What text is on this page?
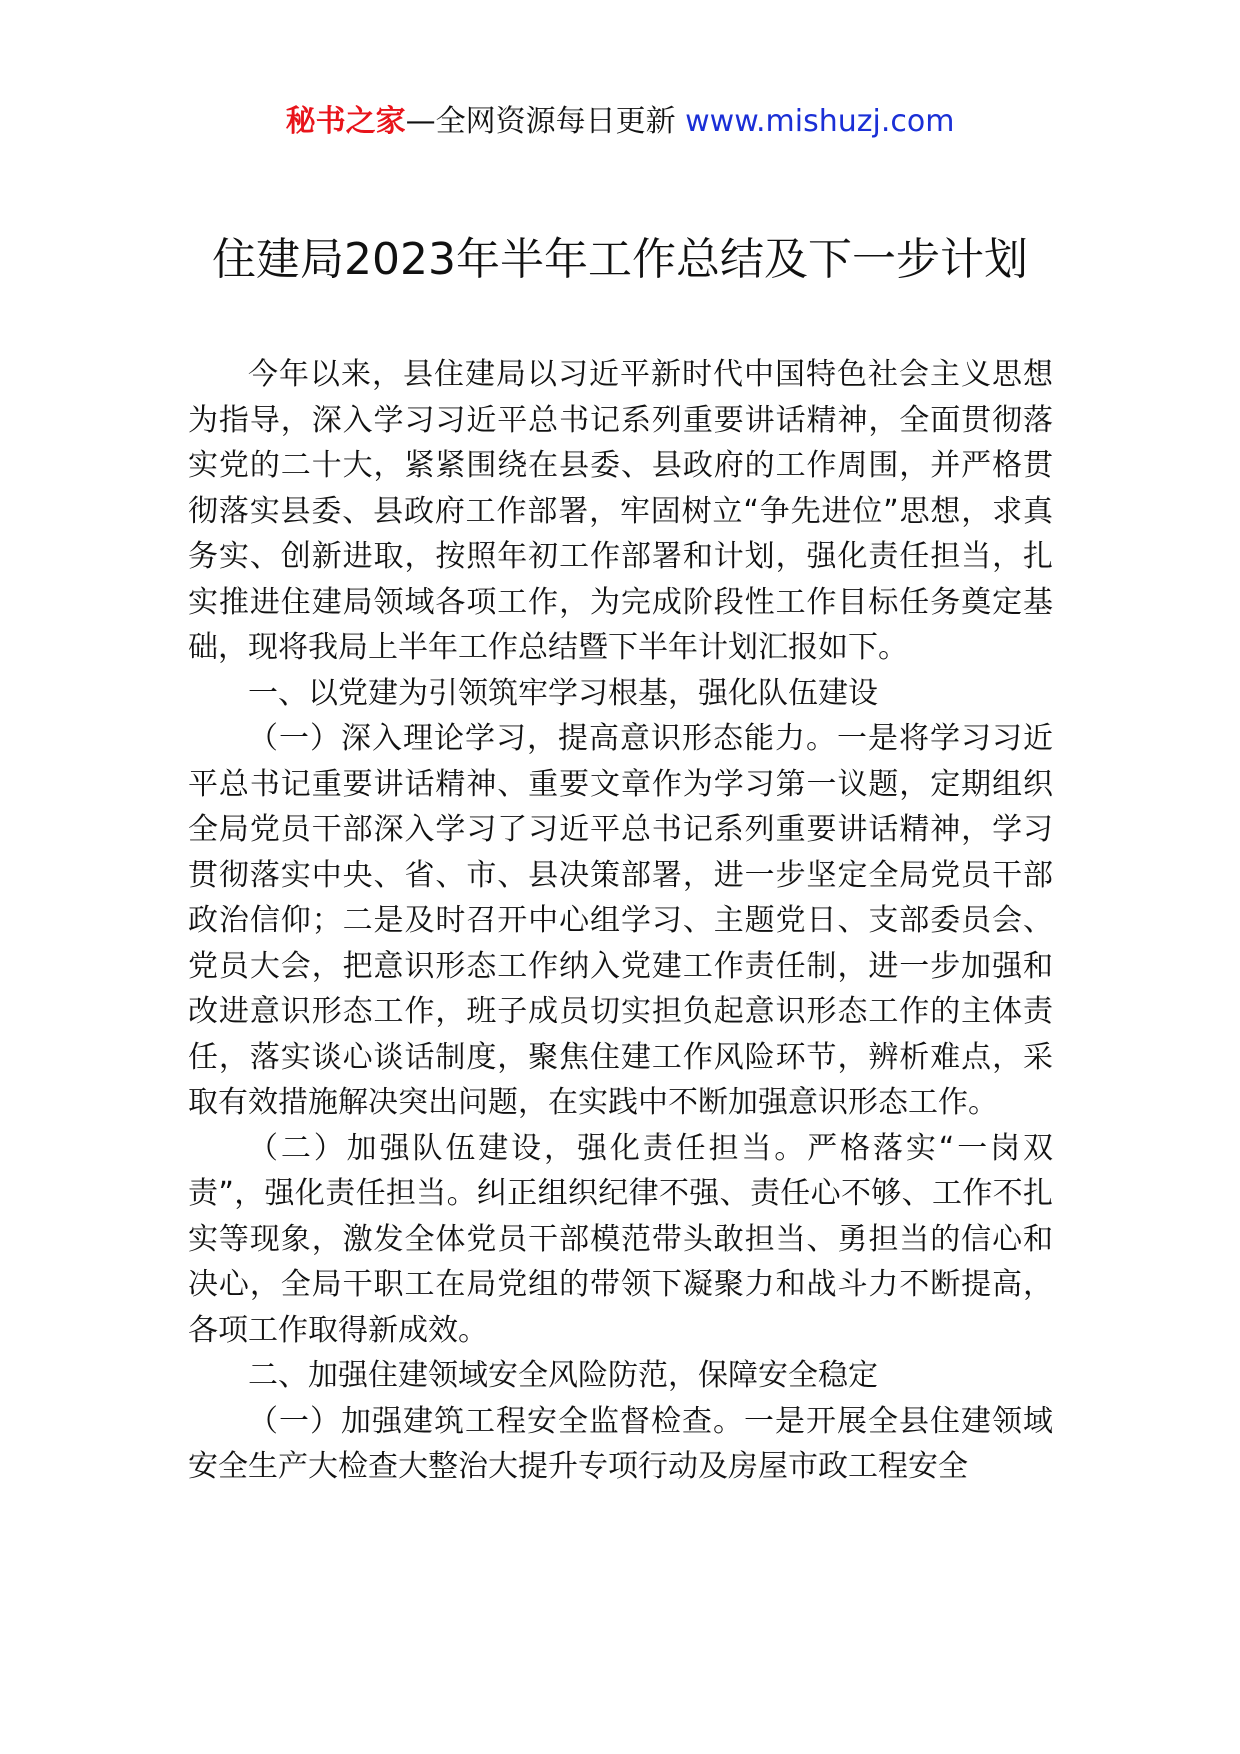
秘书之家—全网资源每日更新 www.mishuzj.com
住建局2023年半年工作总结及下一步计划

今年以来，县住建局以习近平新时代中国特色社会主义思想为指导，深入学习习近平总书记系列重要讲话精神，全面贯彻落实党的二十大，紧紧围绕在县委、县政府的工作周围，并严格贯彻落实县委、县政府工作部署，牢固树立“争先进位”思想，求真务实、创新进取，按照年初工作部署和计划，强化责任担当，扎实推进住建局领域各项工作，为完成阶段性工作目标任务奠定基础，现将我局上半年工作总结暨下半年计划汇报如下。

一、以党建为引领筑牢学习根基，强化队伍建设

（一）深入理论学习，提高意识形态能力。一是将学习习近平总书记重要讲话精神、重要文章作为学习第一议题，定期组织全局党员干部深入学习了习近平总书记系列重要讲话精神，学习贯彻落实中央、省、市、县决策部署，进一步坚定全局党员干部政治信仰；二是及时召开中心组学习、主题党日、支部委员会、党员大会，把意识形态工作纳入党建工作责任制，进一步加强和改进意识形态工作，班子成员切实担负起意识形态工作的主体责任，落实谈心谈话制度，聚焦住建工作风险环节，辨析难点，采取有效措施解决突出问题，在实践中不断加强意识形态工作。

（二）加强队伍建设，强化责任担当。严格落实“一岗双责”，强化责任担当。纠正组织纪律不强、责任心不够、工作不扎实等现象，激发全体党员干部模范带头敢担当、勇担当的信心和决心，全局干职工在局党组的带领下凝聚力和战斗力不断提高，各项工作取得新成效。

二、加强住建领域安全风险防范，保障安全稳定

（一）加强建筑工程安全监督检查。一是开展全县住建领域安全生产大检查大整治大提升专项行动及房屋市政工程安全
